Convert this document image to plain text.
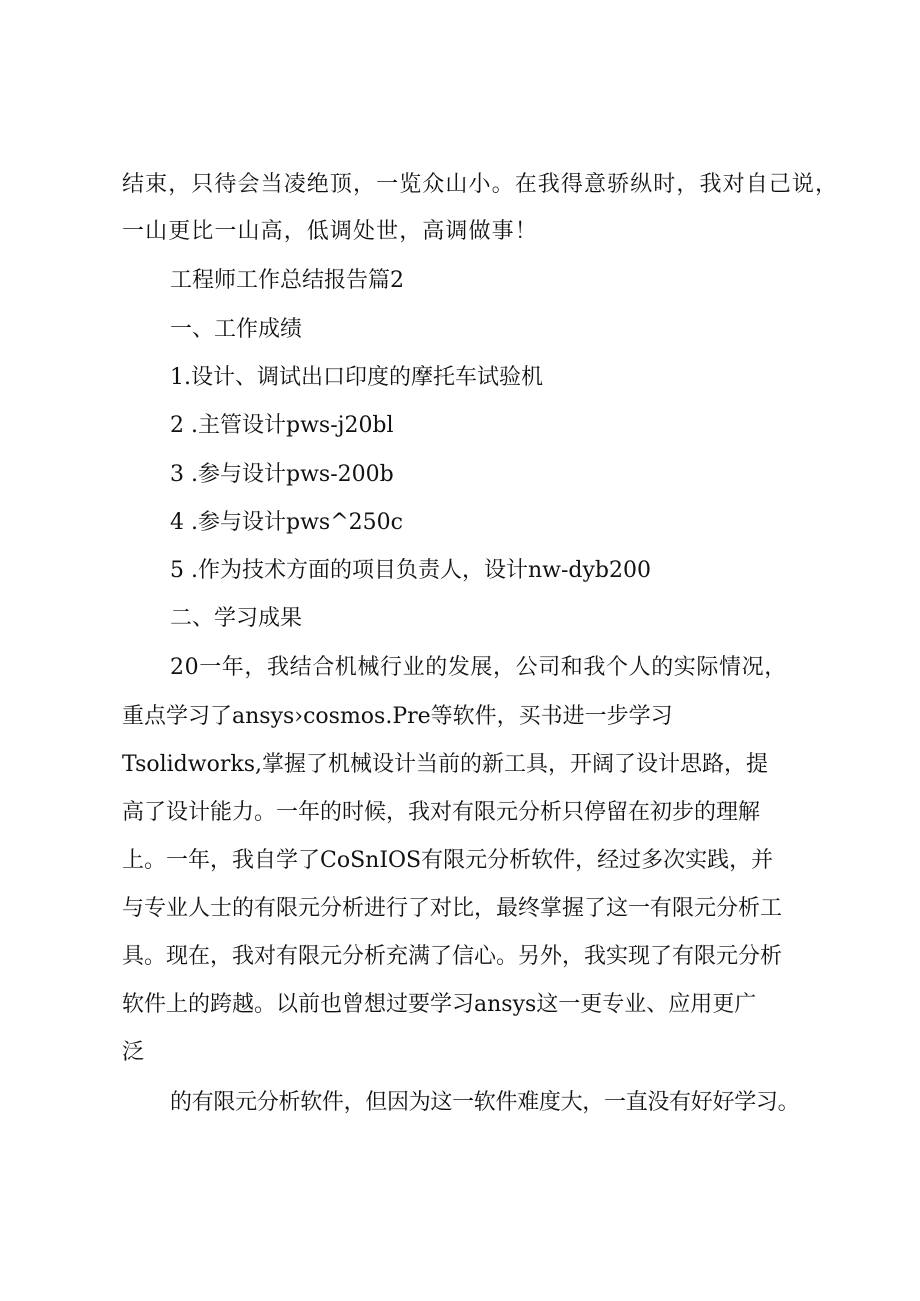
结束，只待会当凌绝顶，一览众山小。在我得意骄纵时，我对自己说，

一山更比一山高，低调处世，高调做事！

工程师工作总结报告篇2

一、工作成绩

1.设计、调试出口印度的摩托车试验机

2 .主管设计pws-j20bl

3 .参与设计pws-200b

4 .参与设计pws^250c

5 .作为技术方面的项目负责人，设计nw-dyb200

二、学习成果

20一年，我结合机械行业的发展，公司和我个人的实际情况，

重点学习了ansys›cosmos.Pre等软件，买书进一步学习

Tsolidworks,掌握了机械设计当前的新工具，开阔了设计思路，提

高了设计能力。一年的时候，我对有限元分析只停留在初步的理解

上。一年，我自学了CoSnIOS有限元分析软件，经过多次实践，并

与专业人士的有限元分析进行了对比，最终掌握了这一有限元分析工

具。现在，我对有限元分析充满了信心。另外，我实现了有限元分析

软件上的跨越。以前也曾想过要学习ansys这一更专业、应用更广

泛

的有限元分析软件，但因为这一软件难度大，一直没有好好学习。
